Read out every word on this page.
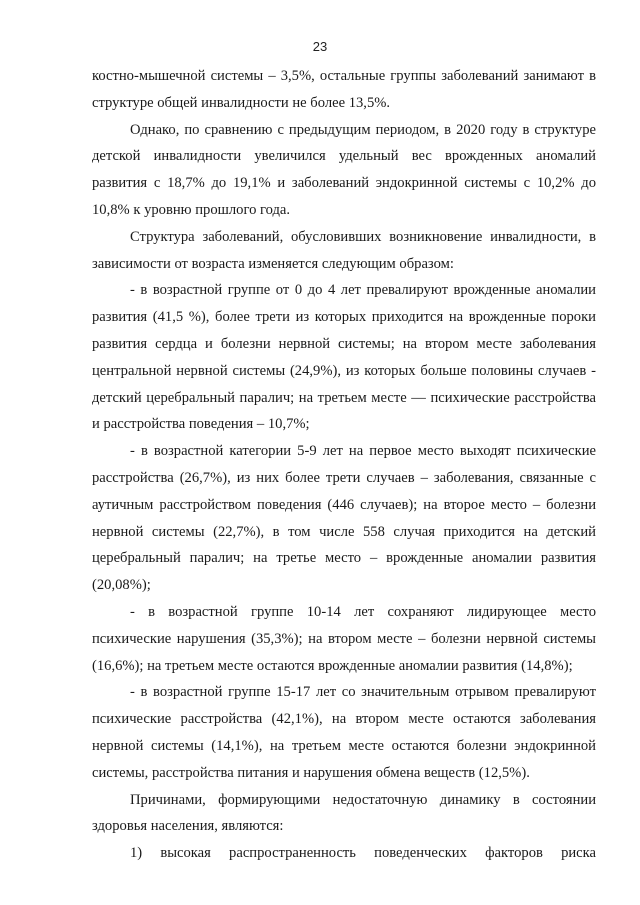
23

костно-мышечной системы – 3,5%, остальные группы заболеваний занимают в структуре общей инвалидности не более 13,5%.

Однако, по сравнению с предыдущим периодом, в 2020 году в структуре детской инвалидности увеличился удельный вес врожденных аномалий развития с 18,7% до 19,1% и заболеваний эндокринной системы с 10,2% до 10,8% к уровню прошлого года.

Структура заболеваний, обусловивших возникновение инвалидности, в зависимости от возраста изменяется следующим образом:

- в возрастной группе от 0 до 4 лет превалируют врожденные аномалии развития (41,5 %), более трети из которых приходится на врожденные пороки развития сердца и болезни нервной системы; на втором месте заболевания центральной нервной системы (24,9%), из которых больше половины случаев - детский церебральный паралич; на третьем месте — психические расстройства и расстройства поведения – 10,7%;

- в возрастной категории 5-9 лет на первое место выходят психические расстройства (26,7%), из них более трети случаев – заболевания, связанные с аутичным расстройством поведения (446 случаев); на второе место – болезни нервной системы (22,7%), в том числе 558 случая приходится на детский церебральный паралич; на третье место – врожденные аномалии развития (20,08%);

- в возрастной группе 10-14 лет сохраняют лидирующее место психические нарушения (35,3%); на втором месте – болезни нервной системы (16,6%); на третьем месте остаются врожденные аномалии развития (14,8%);

- в возрастной группе 15-17 лет со значительным отрывом превалируют психические расстройства (42,1%), на втором месте остаются заболевания нервной системы (14,1%), на третьем месте остаются болезни эндокринной системы, расстройства питания и нарушения обмена веществ (12,5%).

Причинами, формирующими недостаточную динамику в состоянии здоровья населения, являются:

1) высокая распространенность поведенческих факторов риска
